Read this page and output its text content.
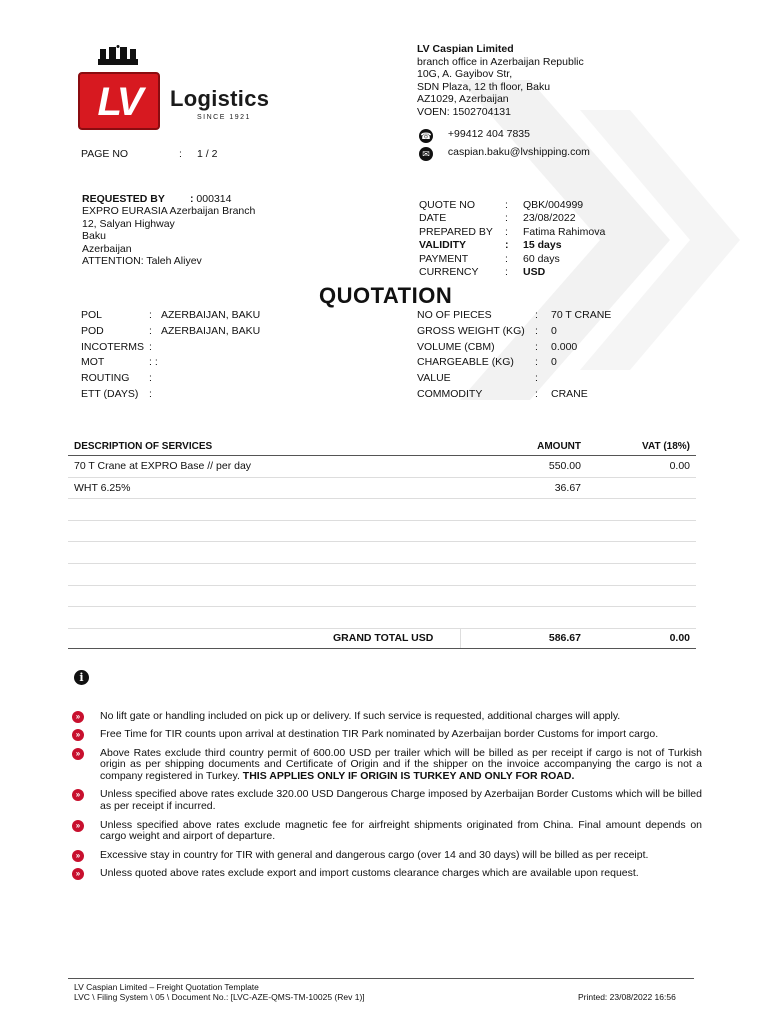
LV	Logistics
SINCE 1921
PAGE NO	: 1 / 2
LV Caspian Limited
branch office in Azerbaijan Republic
10G, A. Gayibov Str,
SDN Plaza, 12 th floor, Baku
AZ1029, Azerbaijan
VOEN: 1502704131
☎ +99412 404 7835
✉ caspian.baku@lvshipping.com
REQUESTED BY : 000314
EXPRO EURASIA Azerbaijan Branch
12, Salyan Highway
Baku
Azerbaijan
ATTENTION: Taleh Aliyev
QUOTE NO	: QBK/004999
DATE	: 23/08/2022
PREPARED BY : Fatima Rahimova
VALIDITY	: 15 days
PAYMENT	: 60 days
CURRENCY	: USD
QUOTATION
POL	: AZERBAIJAN, BAKU
POD	: AZERBAIJAN, BAKU
INCOTERMS :
MOT	: :
ROUTING :
ETT (DAYS) :
NO OF PIECES	: 70 T CRANE
GROSS WEIGHT (KG) : 0
VOLUME (CBM)	: 0.000
CHARGEABLE (KG) : 0
VALUE	:
COMMODITY	: CRANE
DESCRIPTION OF SERVICES	AMOUNT	VAT (18%)
70 T Crane at EXPRO Base // per day	550.00	0.00
WHT 6.25%	36.67	

GRAND TOTAL USD	586.67	0.00
i
»	No lift gate or handling included on pick up or delivery. If such service is requested, additional charges will apply.
»	Free Time for TIR counts upon arrival at destination TIR Park nominated by Azerbaijan border Customs for import cargo.
»	Above Rates exclude third country permit of 600.00 USD per trailer which will be billed as per receipt if cargo is not of Turkish origin as per shipping documents and Certificate of Origin and if the shipper on the invoice accompanying the cargo is not a company registered in Turkey. THIS APPLIES ONLY IF ORIGIN IS TURKEY AND ONLY FOR ROAD.
»	Unless specified above rates exclude 320.00 USD Dangerous Charge imposed by Azerbaijan Border Customs which will be billed as per receipt if incurred.
»	Unless specified above rates exclude magnetic fee for airfreight shipments originated from China. Final amount depends on cargo weight and airport of departure.
»	Excessive stay in country for TIR with general and dangerous cargo (over 14 and 30 days) will be billed as per receipt.
»	Unless quoted above rates exclude export and import customs clearance charges which are available upon request.
LV Caspian Limited – Freight Quotation Template
LVC \ Filing System \ 05 \ Document No.: [LVC-AZE-QMS-TM-10025 (Rev 1)]	Printed: 23/08/2022 16:56
